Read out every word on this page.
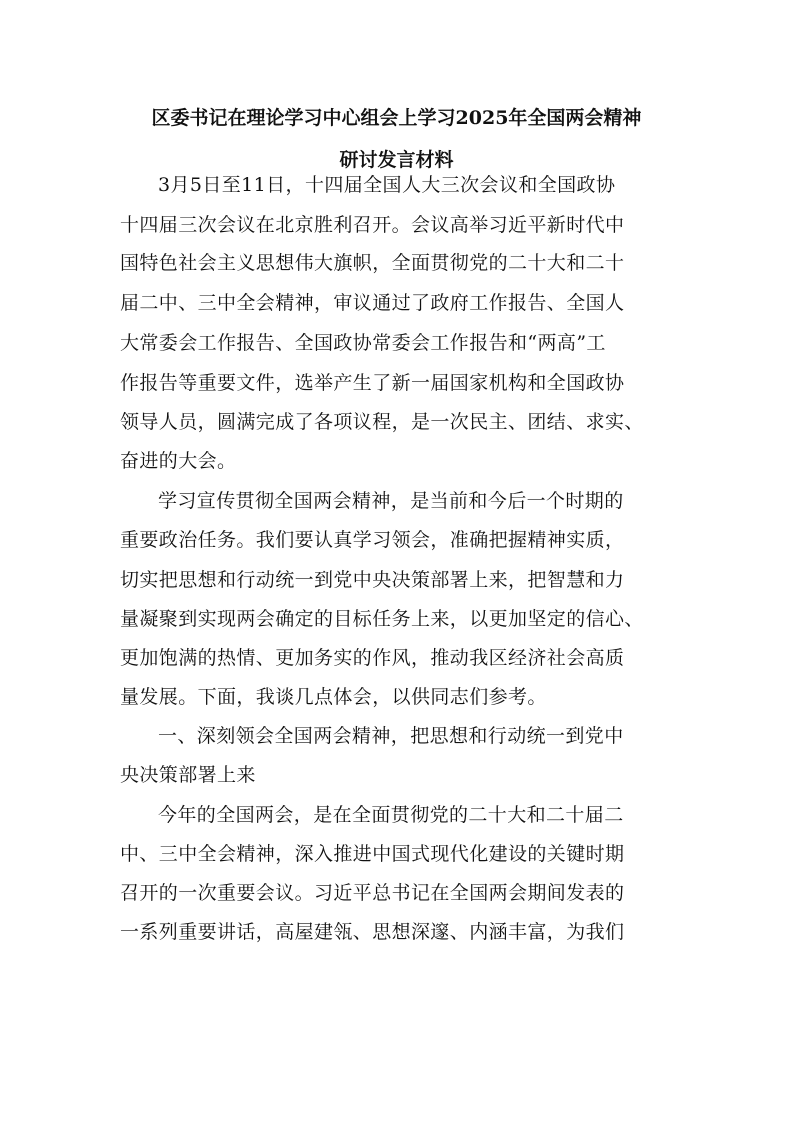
区委书记在理论学习中心组会上学习2025年全国两会精神
研讨发言材料
3月5日至11日，十四届全国人大三次会议和全国政协
十四届三次会议在北京胜利召开。会议高举习近平新时代中
国特色社会主义思想伟大旗帜，全面贯彻党的二十大和二十
届二中、三中全会精神，审议通过了政府工作报告、全国人
大常委会工作报告、全国政协常委会工作报告和“两高”工
作报告等重要文件，选举产生了新一届国家机构和全国政协
领导人员，圆满完成了各项议程，是一次民主、团结、求实、
奋进的大会。
学习宣传贯彻全国两会精神，是当前和今后一个时期的
重要政治任务。我们要认真学习领会，准确把握精神实质，
切实把思想和行动统一到党中央决策部署上来，把智慧和力
量凝聚到实现两会确定的目标任务上来，以更加坚定的信心、
更加饱满的热情、更加务实的作风，推动我区经济社会高质
量发展。下面，我谈几点体会，以供同志们参考。
一、深刻领会全国两会精神，把思想和行动统一到党中
央决策部署上来
今年的全国两会，是在全面贯彻党的二十大和二十届二
中、三中全会精神，深入推进中国式现代化建设的关键时期
召开的一次重要会议。习近平总书记在全国两会期间发表的
一系列重要讲话，高屋建瓴、思想深邃、内涵丰富，为我们
